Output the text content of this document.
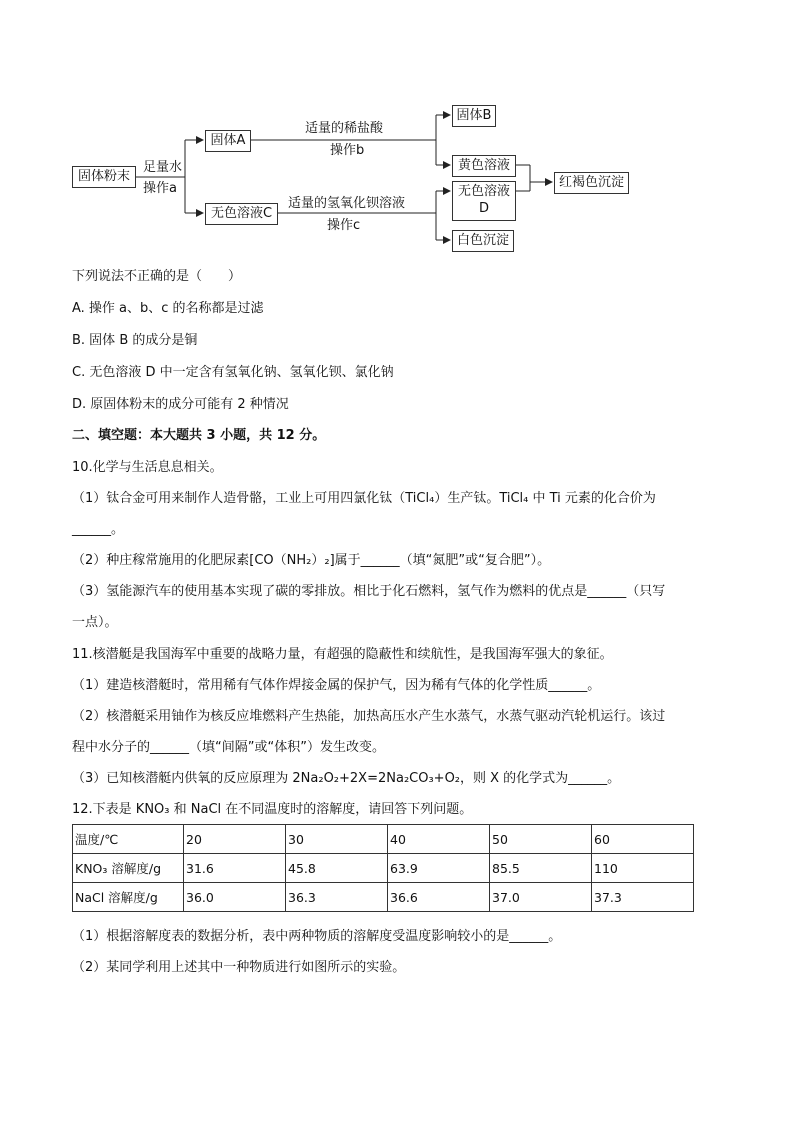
固体粉末
足量水
操作a
固体A
适量的稀盐酸
操作b
固体B
黄色溶液
无色溶液C
适量的氢氧化钡溶液
操作c
无色溶液
D
白色沉淀
红褐色沉淀
下列说法不正确的是（　　）
A. 操作 a、b、c 的名称都是过滤
B. 固体 B 的成分是铜
C. 无色溶液 D 中一定含有氢氧化钠、氢氧化钡、氯化钠
D. 原固体粉末的成分可能有 2 种情况
二、填空题：本大题共 3 小题，共 12 分。
10.化学与生活息息相关。
（1）钛合金可用来制作人造骨骼，工业上可用四氯化钛（TiCl₄）生产钛。TiCl₄ 中 Ti 元素的化合价为
______。
（2）种庄稼常施用的化肥尿素[CO（NH₂）₂]属于______（填“氮肥”或“复合肥”）。
（3）氢能源汽车的使用基本实现了碳的零排放。相比于化石燃料，氢气作为燃料的优点是______（只写
一点）。
11.核潜艇是我国海军中重要的战略力量，有超强的隐蔽性和续航性，是我国海军强大的象征。
（1）建造核潜艇时，常用稀有气体作焊接金属的保护气，因为稀有气体的化学性质______。
（2）核潜艇采用铀作为核反应堆燃料产生热能，加热高压水产生水蒸气，水蒸气驱动汽轮机运行。该过
程中水分子的______（填“间隔”或“体积”）发生改变。
（3）已知核潜艇内供氧的反应原理为 2Na₂O₂+2X=2Na₂CO₃+O₂，则 X 的化学式为______。
12.下表是 KNO₃ 和 NaCl 在不同温度时的溶解度，请回答下列问题。
温度/℃	20	30	40	50	60
KNO₃ 溶解度/g	31.6	45.8	63.9	85.5	110
NaCl 溶解度/g	36.0	36.3	36.6	37.0	37.3
（1）根据溶解度表的数据分析，表中两种物质的溶解度受温度影响较小的是______。
（2）某同学利用上述其中一种物质进行如图所示的实验。
